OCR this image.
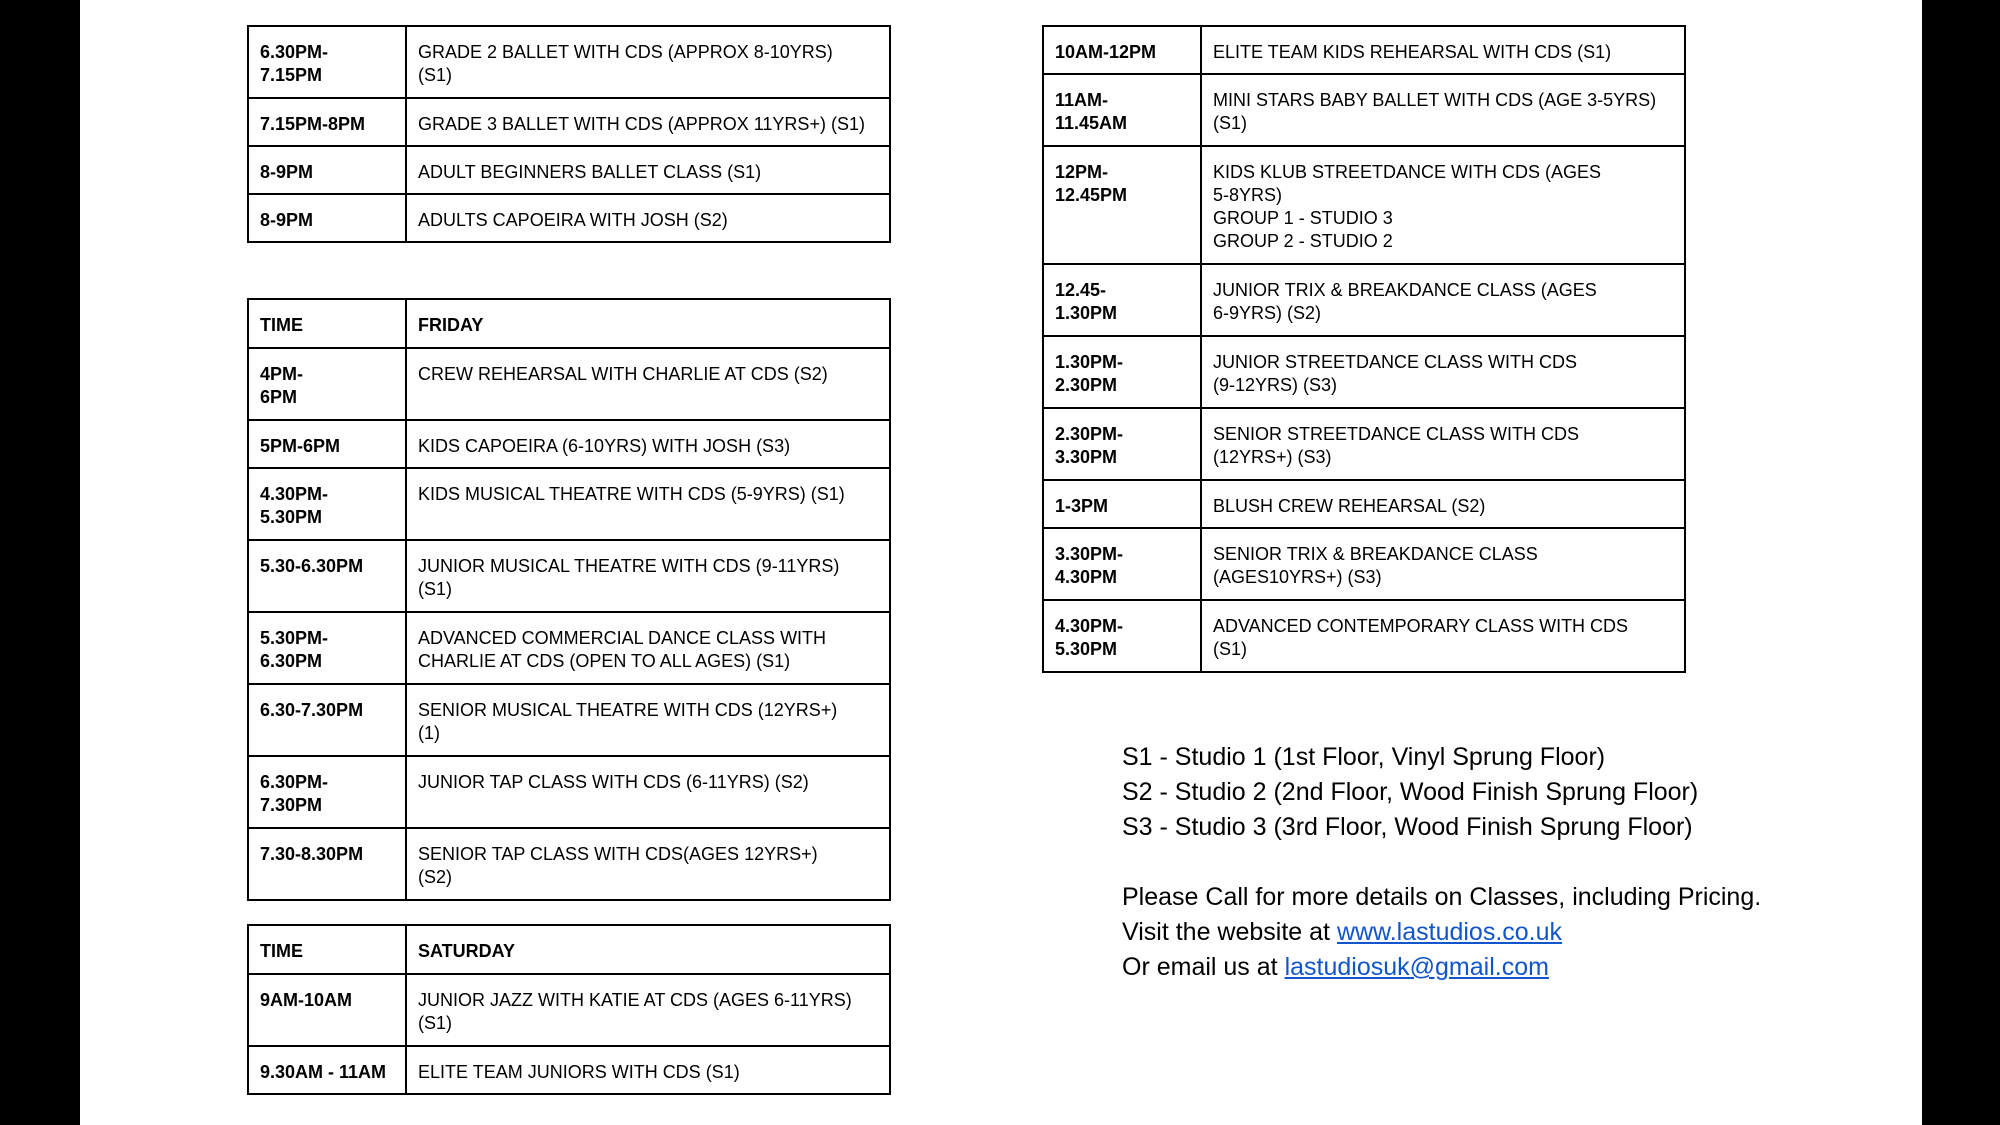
6.30PM-
7.15PM	GRADE 2 BALLET WITH CDS (APPROX 8-10YRS)
(S1)
7.15PM-8PM	GRADE 3 BALLET WITH CDS (APPROX 11YRS+) (S1)
8-9PM	ADULT BEGINNERS BALLET CLASS (S1)
8-9PM	ADULTS CAPOEIRA WITH JOSH (S2)
TIME	FRIDAY
4PM-
6PM	CREW REHEARSAL WITH CHARLIE AT CDS (S2)
5PM-6PM	KIDS CAPOEIRA (6-10YRS) WITH JOSH (S3)
4.30PM-
5.30PM	KIDS MUSICAL THEATRE WITH CDS (5-9YRS) (S1)
5.30-6.30PM	JUNIOR MUSICAL THEATRE WITH CDS (9-11YRS)
(S1)
5.30PM-
6.30PM	ADVANCED COMMERCIAL DANCE CLASS WITH
CHARLIE AT CDS (OPEN TO ALL AGES) (S1)
6.30-7.30PM	SENIOR MUSICAL THEATRE WITH CDS (12YRS+)
(1)
6.30PM-
7.30PM	JUNIOR TAP CLASS WITH CDS (6-11YRS) (S2)
7.30-8.30PM	SENIOR TAP CLASS WITH CDS(AGES 12YRS+)
(S2)
TIME	SATURDAY
9AM-10AM	JUNIOR JAZZ WITH KATIE AT CDS (AGES 6-11YRS)
(S1)
9.30AM - 11AM	ELITE TEAM JUNIORS WITH CDS (S1)
10AM-12PM	ELITE TEAM KIDS REHEARSAL WITH CDS (S1)
11AM-
11.45AM	MINI STARS BABY BALLET WITH CDS (AGE 3-5YRS)
(S1)
12PM-
12.45PM	KIDS KLUB STREETDANCE WITH CDS (AGES
5-8YRS)
GROUP 1 - STUDIO 3
GROUP 2 - STUDIO 2
12.45-
1.30PM	JUNIOR TRIX & BREAKDANCE CLASS (AGES
6-9YRS) (S2)
1.30PM-
2.30PM	JUNIOR STREETDANCE CLASS WITH CDS
(9-12YRS) (S3)
2.30PM-
3.30PM	SENIOR STREETDANCE CLASS WITH CDS
(12YRS+) (S3)
1-3PM	BLUSH CREW REHEARSAL (S2)
3.30PM-
4.30PM	SENIOR TRIX & BREAKDANCE CLASS
(AGES10YRS+) (S3)
4.30PM-
5.30PM	ADVANCED CONTEMPORARY CLASS WITH CDS
(S1)
S1 - Studio 1 (1st Floor, Vinyl Sprung Floor)
S2 - Studio 2 (2nd Floor, Wood Finish Sprung Floor)
S3 - Studio 3 (3rd Floor, Wood Finish Sprung Floor)
Please Call for more details on Classes, including Pricing.
Visit the website at www.lastudios.co.uk
Or email us at lastudiosuk@gmail.com
